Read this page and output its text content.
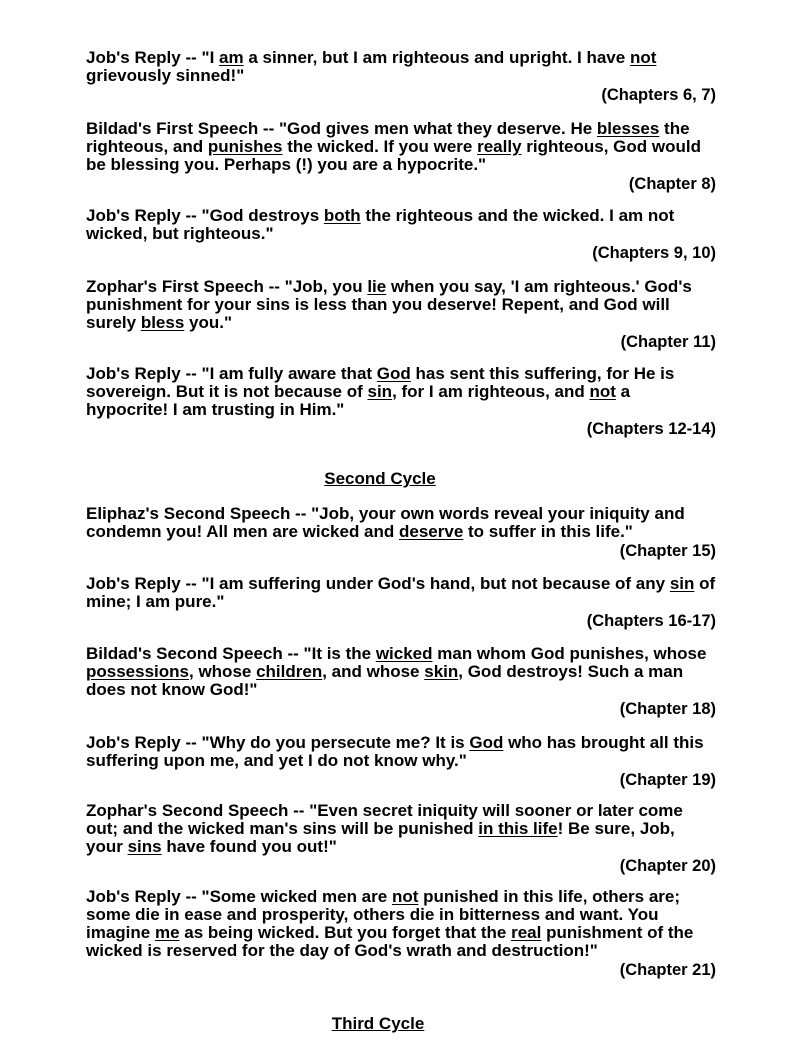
Job's Reply -- "I am a sinner, but I am righteous and upright. I have not grievously sinned!"
(Chapters 6, 7)
Bildad's First Speech -- "God gives men what they deserve. He blesses the righteous, and punishes the wicked. If you were really righteous, God would be blessing you. Perhaps (!) you are a hypocrite."
(Chapter 8)
Job's Reply -- "God destroys both the righteous and the wicked. I am not wicked, but righteous."
(Chapters 9, 10)
Zophar's First Speech -- "Job, you lie when you say, 'I am righteous.' God's punishment for your sins is less than you deserve! Repent, and God will surely bless you."
(Chapter 11)
Job's Reply -- "I am fully aware that God has sent this suffering, for He is sovereign. But it is not because of sin, for I am righteous, and not a hypocrite! I am trusting in Him."
(Chapters 12-14)
Second Cycle
Eliphaz's Second Speech -- "Job, your own words reveal your iniquity and condemn you! All men are wicked and deserve to suffer in this life."
(Chapter 15)
Job's Reply -- "I am suffering under God's hand, but not because of any sin of mine; I am pure."
(Chapters 16-17)
Bildad's Second Speech -- "It is the wicked man whom God punishes, whose possessions, whose children, and whose skin, God destroys! Such a man does not know God!"
(Chapter 18)
Job's Reply -- "Why do you persecute me? It is God who has brought all this suffering upon me, and yet I do not know why."
(Chapter 19)
Zophar's Second Speech -- "Even secret iniquity will sooner or later come out; and the wicked man's sins will be punished in this life! Be sure, Job, your sins have found you out!"
(Chapter 20)
Job's Reply -- "Some wicked men are not punished in this life, others are; some die in ease and prosperity, others die in bitterness and want. You imagine me as being wicked. But you forget that the real punishment of the wicked is reserved for the day of God's wrath and destruction!"
(Chapter 21)
Third Cycle
